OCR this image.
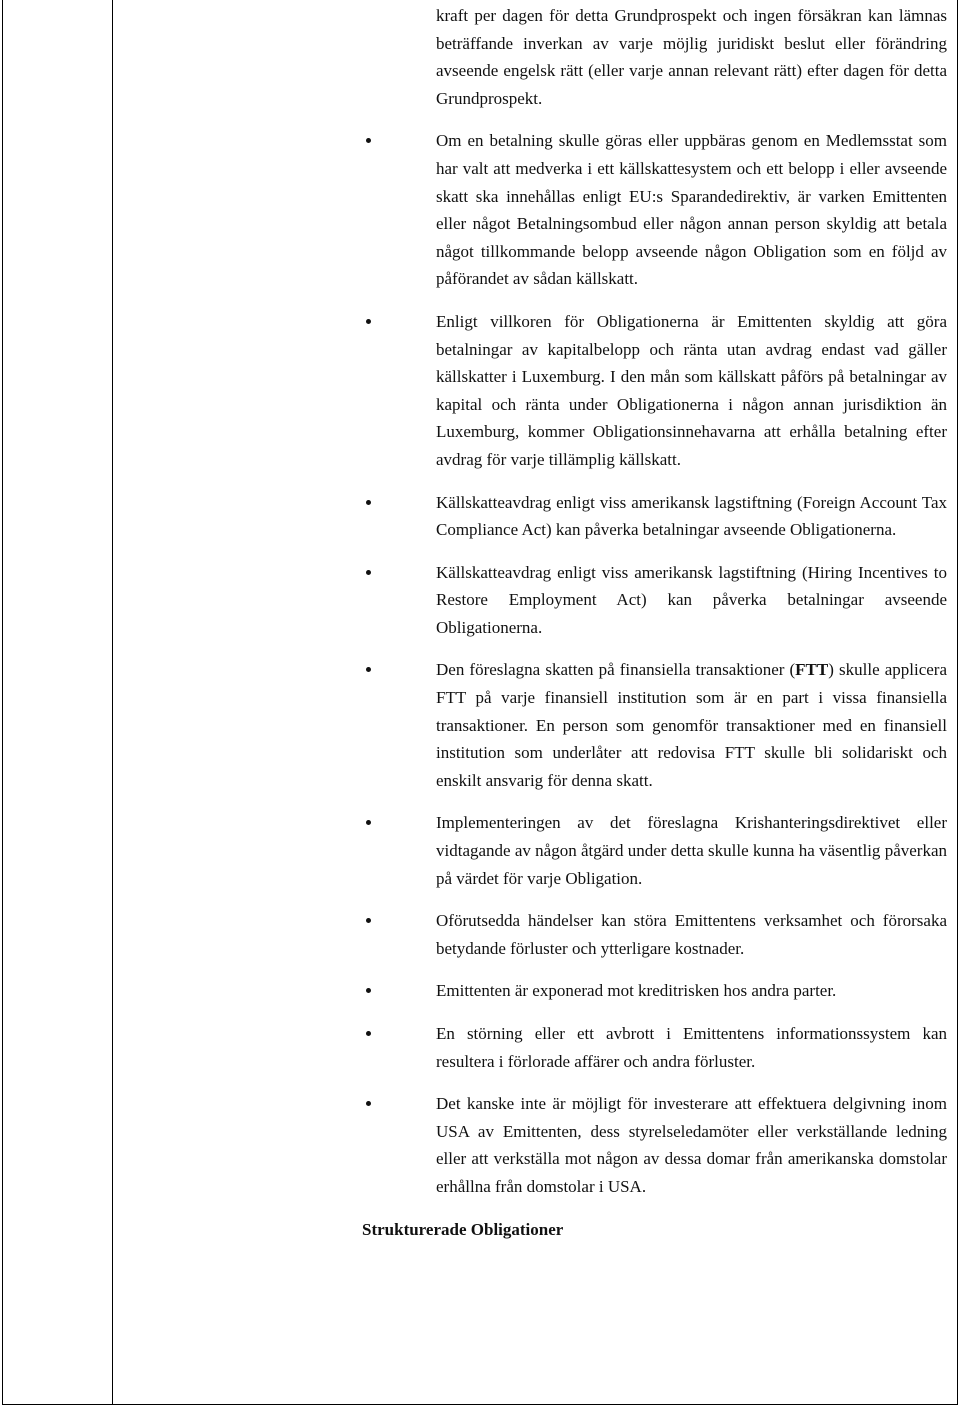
kraft per dagen för detta Grundprospekt och ingen försäkran kan lämnas beträffande inverkan av varje möjlig juridiskt beslut eller förändring avseende engelsk rätt (eller varje annan relevant rätt) efter dagen för detta Grundprospekt.

Om en betalning skulle göras eller uppbäras genom en Medlemsstat som har valt att medverka i ett källskattesystem och ett belopp i eller avseende skatt ska innehållas enligt EU:s Sparandedirektiv, är varken Emittenten eller något Betalningsombud eller någon annan person skyldig att betala något tillkommande belopp avseende någon Obligation som en följd av påförandet av sådan källskatt.
Enligt villkoren för Obligationerna är Emittenten skyldig att göra betalningar av kapitalbelopp och ränta utan avdrag endast vad gäller källskatter i Luxemburg. I den mån som källskatt påförs på betalningar av kapital och ränta under Obligationerna i någon annan jurisdiktion än Luxemburg, kommer Obligationsinnehavarna att erhålla betalning efter avdrag för varje tillämplig källskatt.
Källskatteavdrag enligt viss amerikansk lagstiftning (Foreign Account Tax Compliance Act) kan påverka betalningar avseende Obligationerna.
Källskatteavdrag enligt viss amerikansk lagstiftning (Hiring Incentives to Restore Employment Act) kan påverka betalningar avseende Obligationerna.
Den föreslagna skatten på finansiella transaktioner (FTT) skulle applicera FTT på varje finansiell institution som är en part i vissa finansiella transaktioner. En person som genomför transaktioner med en finansiell institution som underlåter att redovisa FTT skulle bli solidariskt och enskilt ansvarig för denna skatt.
Implementeringen av det föreslagna Krishanteringsdirektivet eller vidtagande av någon åtgärd under detta skulle kunna ha väsentlig påverkan på värdet för varje Obligation.
Oförutsedda händelser kan störa Emittentens verksamhet och förorsaka betydande förluster och ytterligare kostnader.
Emittenten är exponerad mot kreditrisken hos andra parter.
En störning eller ett avbrott i Emittentens informationssystem kan resultera i förlorade affärer och andra förluster.
Det kanske inte är möjligt för investerare att effektuera delgivning inom USA av Emittenten, dess styrelseledamöter eller verkställande ledning eller att verkställa mot någon av dessa domar från amerikanska domstolar erhållna från domstolar i USA.
Strukturerade Obligationer
